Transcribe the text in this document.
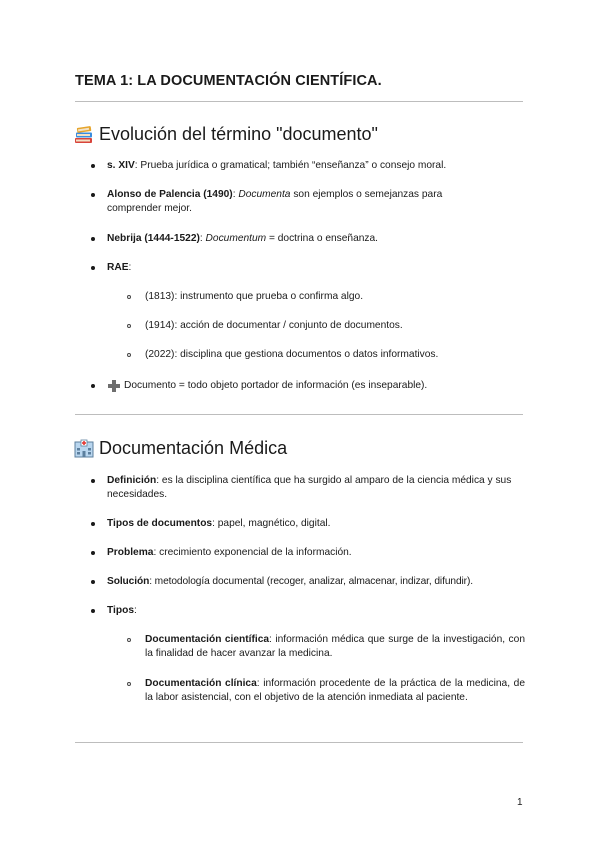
TEMA 1: LA DOCUMENTACIÓN CIENTÍFICA.
Evolución del término "documento"
s. XIV: Prueba jurídica o gramatical; también “enseñanza” o consejo moral.
Alonso de Palencia (1490): Documenta son ejemplos o semejanzas para comprender mejor.
Nebrija (1444-1522): Documentum = doctrina o enseñanza.
RAE:
(1813): instrumento que prueba o confirma algo.
(1914): acción de documentar / conjunto de documentos.
(2022): disciplina que gestiona documentos o datos informativos.
Documento = todo objeto portador de información (es inseparable).
Documentación Médica
Definición: es la disciplina científica que ha surgido al amparo de la ciencia médica y sus necesidades.
Tipos de documentos: papel, magnético, digital.
Problema: crecimiento exponencial de la información.
Solución: metodología documental (recoger, analizar, almacenar, indizar, difundir).
Tipos:
Documentación científica: información médica que surge de la investigación, con la finalidad de hacer avanzar la medicina.
Documentación clínica: información procedente de la práctica de la medicina, de la labor asistencial, con el objetivo de la atención inmediata al paciente.
1
